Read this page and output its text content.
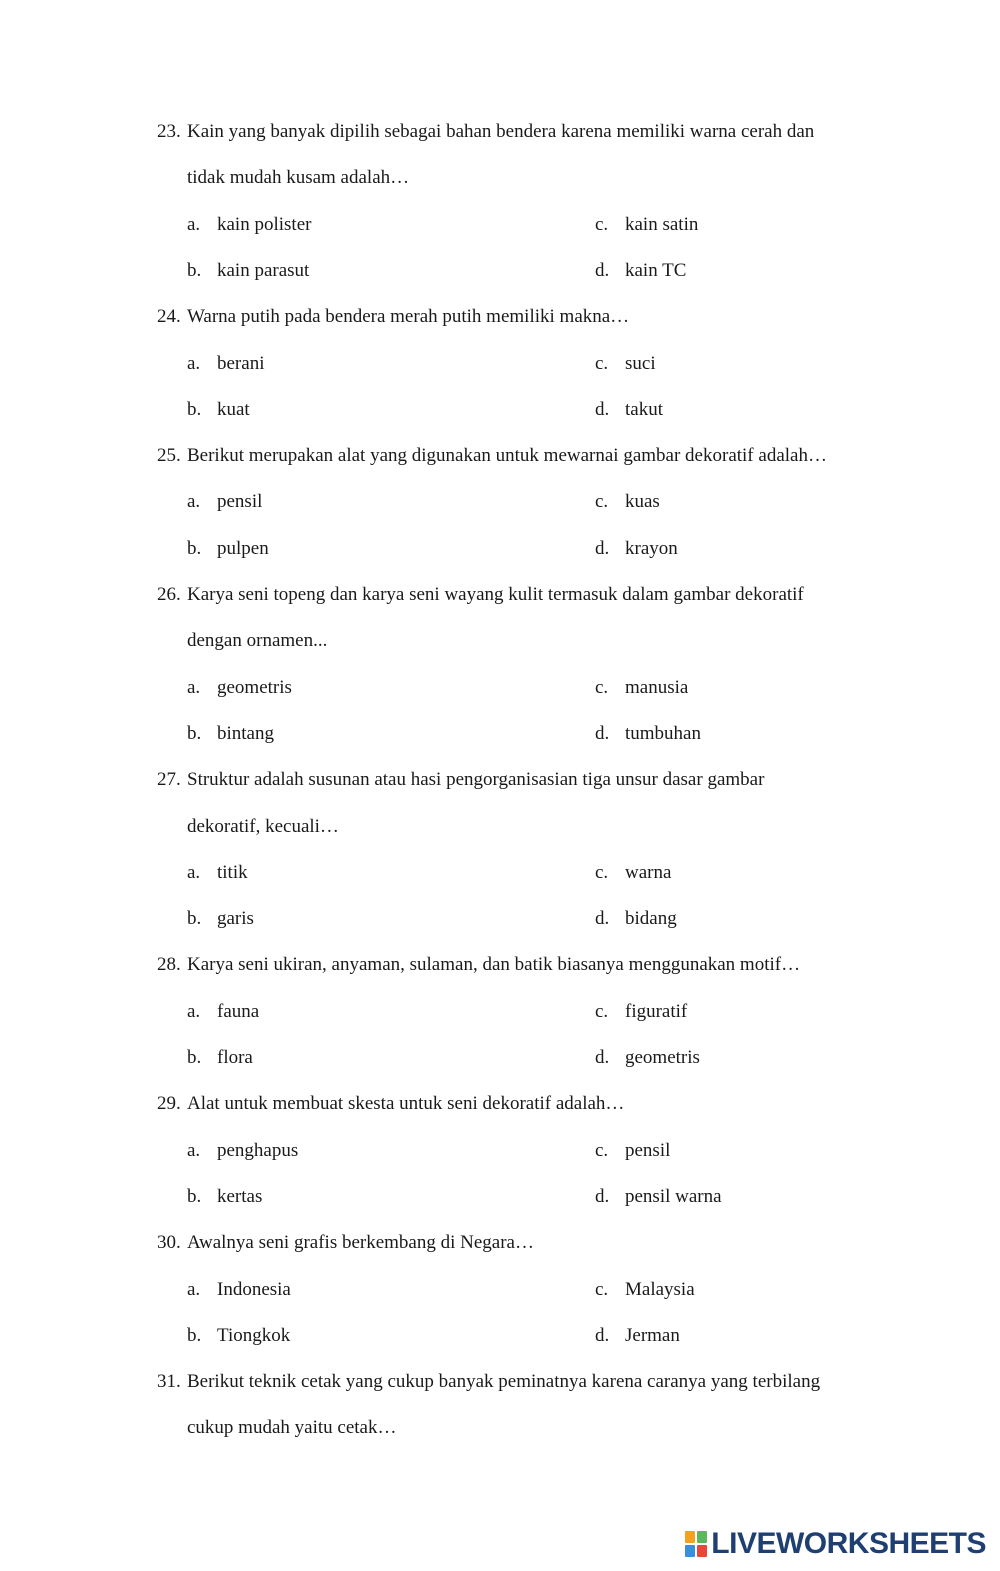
23. Kain yang banyak dipilih sebagai bahan bendera karena memiliki warna cerah dan
tidak mudah kusam adalah…
a. kain polister	c. kain satin
b. kain parasut	d. kain TC
24. Warna putih pada bendera merah putih memiliki makna…
a. berani	c. suci
b. kuat	d. takut
25. Berikut merupakan alat yang digunakan untuk mewarnai gambar dekoratif adalah…
a. pensil	c. kuas
b. pulpen	d. krayon
26. Karya seni topeng dan karya seni wayang kulit termasuk dalam gambar dekoratif
dengan ornamen...
a. geometris	c. manusia
b. bintang	d. tumbuhan
27. Struktur adalah susunan atau hasi pengorganisasian tiga unsur dasar gambar
dekoratif, kecuali…
a. titik	c. warna
b. garis	d. bidang
28. Karya seni ukiran, anyaman, sulaman, dan batik biasanya menggunakan motif…
a. fauna	c. figuratif
b. flora	d. geometris
29. Alat untuk membuat skesta untuk seni dekoratif adalah…
a. penghapus	c. pensil
b. kertas	d. pensil warna
30. Awalnya seni grafis berkembang di Negara…
a. Indonesia	c. Malaysia
b. Tiongkok	d. Jerman
31. Berikut teknik cetak yang cukup banyak peminatnya karena caranya yang terbilang
cukup mudah yaitu cetak…
LIVEWORKSHEETS
